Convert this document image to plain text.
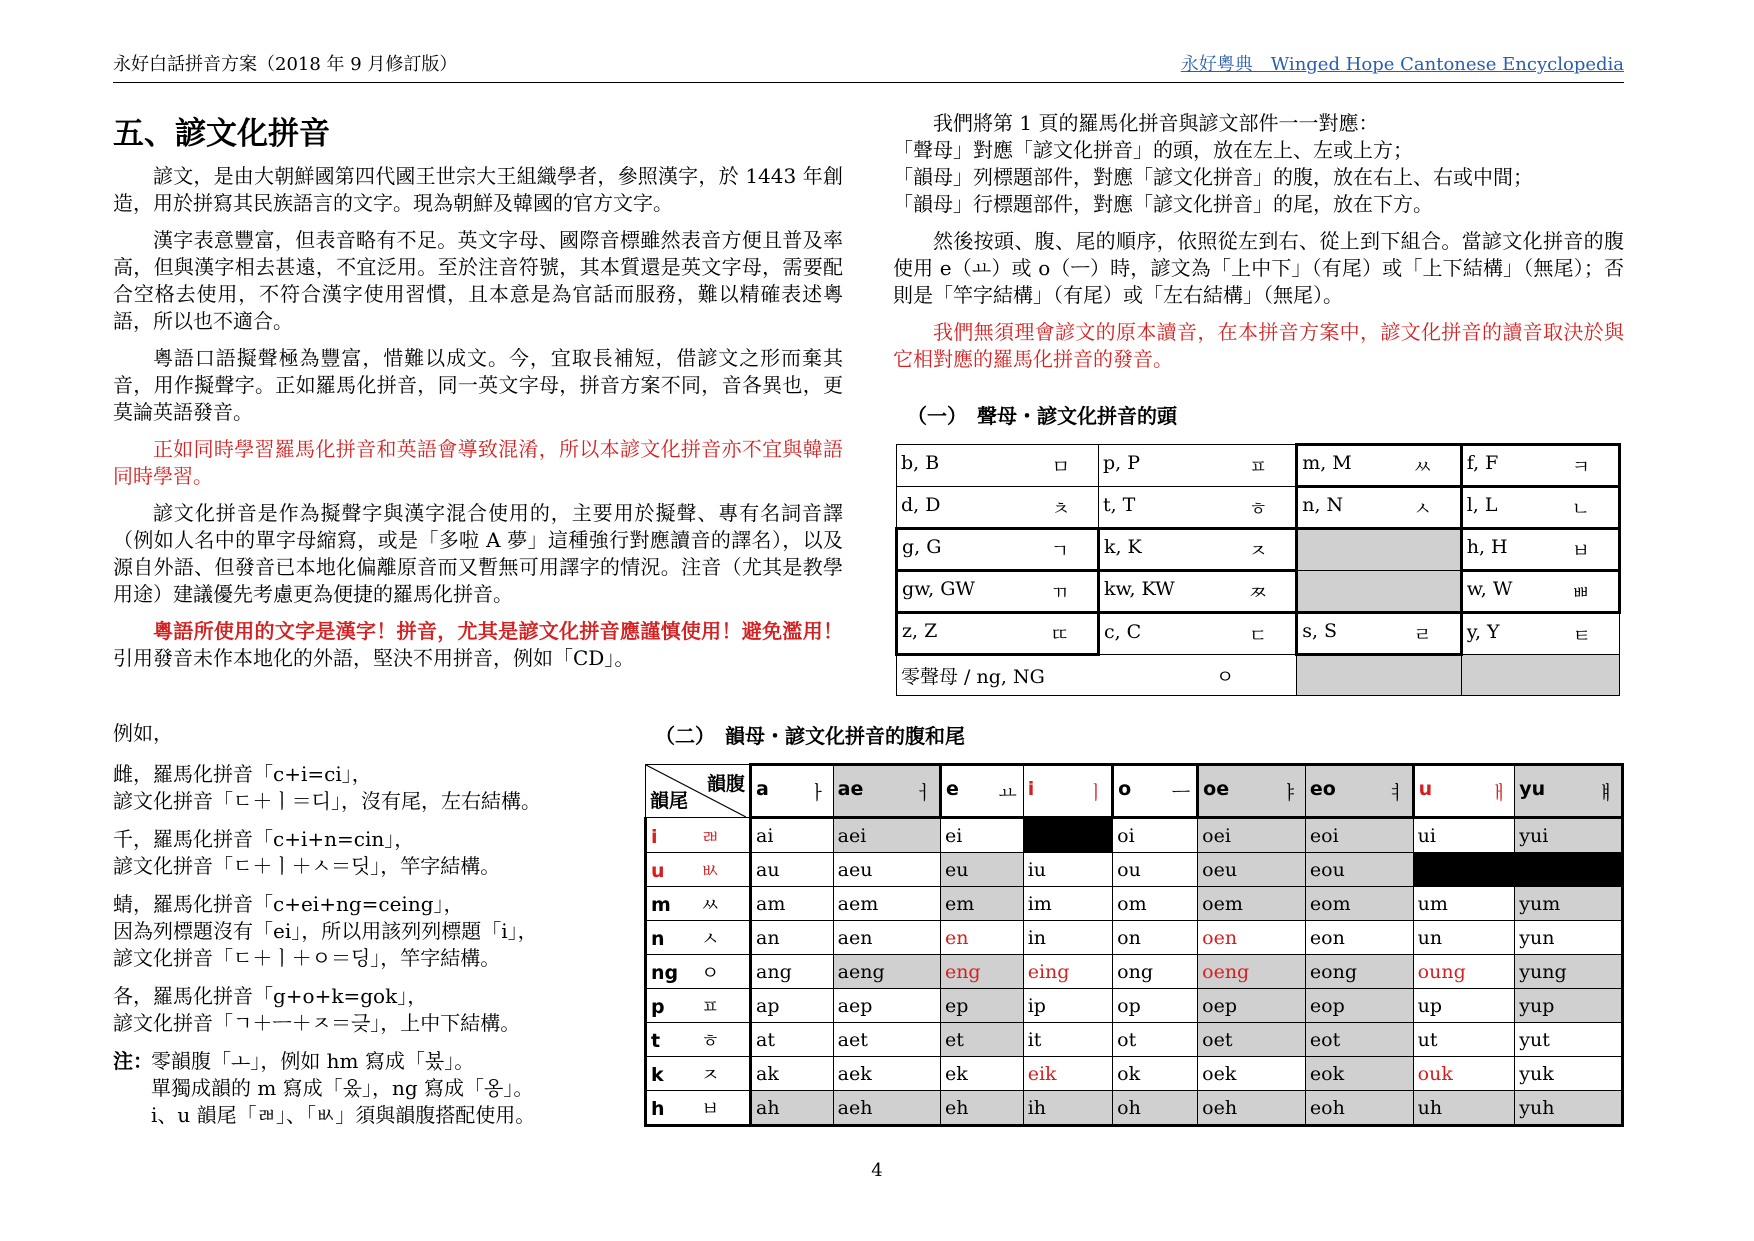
永好白話拼音方案（2018 年 9 月修訂版）	永好粵典　Winged Hope Cantonese Encyclopedia
五、諺文化拼音

諺文，是由大朝鮮國第四代國王世宗大王組織學者，參照漢字，於 1443 年創造，用於拼寫其民族語言的文字。現為朝鮮及韓國的官方文字。

漢字表意豐富，但表音略有不足。英文字母、國際音標雖然表音方便且普及率高，但與漢字相去甚遠，不宜泛用。至於注音符號，其本質還是英文字母，需要配合空格去使用，不符合漢字使用習慣，且本意是為官話而服務，難以精確表述粵語，所以也不適合。

粵語口語擬聲極為豐富，惜難以成文。今，宜取長補短，借諺文之形而棄其音，用作擬聲字。正如羅馬化拼音，同一英文字母，拼音方案不同，音各異也，更莫論英語發音。

正如同時學習羅馬化拼音和英語會導致混淆，所以本諺文化拼音亦不宜與韓語同時學習。

諺文化拼音是作為擬聲字與漢字混合使用的，主要用於擬聲、專有名詞音譯（例如人名中的單字母縮寫，或是「多啦 A 夢」這種強行對應讀音的譯名），以及源自外語、但發音已本地化偏離原音而又暫無可用譯字的情況。注音（尤其是教學用途）建議優先考慮更為便捷的羅馬化拼音。

粵語所使用的文字是漢字！拼音，尤其是諺文化拼音應謹慎使用！避免濫用！引用發音未作本地化的外語，堅決不用拼音，例如「CD」。

我們將第 1 頁的羅馬化拼音與諺文部件一一對應：

「聲母」對應「諺文化拼音」的頭，放在左上、左或上方；

「韻母」列標題部件，對應「諺文化拼音」的腹，放在右上、右或中間；

「韻母」行標題部件，對應「諺文化拼音」的尾，放在下方。

然後按頭、腹、尾的順序，依照從左到右、從上到下組合。當諺文化拼音的腹使用 e（ㅛ）或 o（ㅡ）時，諺文為「上中下」（有尾）或「上下結構」（無尾）；否則是「竿字結構」（有尾）或「左右結構」（無尾）。

我們無須理會諺文的原本讀音，在本拼音方案中，諺文化拼音的讀音取決於與它相對應的羅馬化拼音的發音。

（一）　聲母・諺文化拼音的頭
b, B ㅁ	p, P ㅍ	m, M ㅆ	f, F ㅋ

d, D ㅊ	t, T ㅎ	n, N ㅅ	l, L ㄴ

g, G ㄱ	k, K ㅈ		h, H ㅂ

gw, GW ㄲ	kw, KW ㅉ		w, W ㅃ

z, Z ㄸ	c, C ㄷ	s, S ㄹ	y, Y ㅌ

零聲母 / ng, NG ㅇ			

（二）　韻母・諺文化拼音的腹和尾
韻腹
韻尾	a ㅏ	ae ㅓ	e ㅛ	i ㅣ	o ㅡ	oe ㅑ	eo ㅕ	u ㅐ	yu ㅒ

i ㄼ	ai	aei	ei		oi	oei	eoi	ui	yui
u ㅄ	au	aeu	eu	iu	ou	oeu	eou		
m ㅆ	am	aem	em	im	om	oem	eom	um	yum
n ㅅ	an	aen	en	in	on	oen	eon	un	yun
ng ㅇ	ang	aeng	eng	eing	ong	oeng	eong	oung	yung
p ㅍ	ap	aep	ep	ip	op	oep	eop	up	yup
t ㅎ	at	aet	et	it	ot	oet	eot	ut	yut
k ㅈ	ak	aek	ek	eik	ok	oek	eok	ouk	yuk
h ㅂ	ah	aeh	eh	ih	oh	oeh	eoh	uh	yuh

例如，

雌，羅馬化拼音「c+i=ci」，
諺文化拼音「ㄷ＋ㅣ＝디」，沒有尾，左右結構。

千，羅馬化拼音「c+i+n=cin」，
諺文化拼音「ㄷ＋ㅣ＋ㅅ＝딧」，竿字結構。

蜻，羅馬化拼音「c+ei+ng=ceing」，
因為列標題沒有「ei」，所以用該列列標題「i」，
諺文化拼音「ㄷ＋ㅣ＋ㅇ＝딩」，竿字結構。

各，羅馬化拼音「g+o+k=gok」，
諺文化拼音「ㄱ＋ㅡ＋ㅈ＝긎」，上中下結構。

注：
零韻腹「ㅗ」，例如 hm 寫成「봈」。
單獨成韻的 m 寫成「옸」，ng 寫成「옹」。
i、u 韻尾「ㄼ」、「ㅄ」須與韻腹搭配使用。

4
